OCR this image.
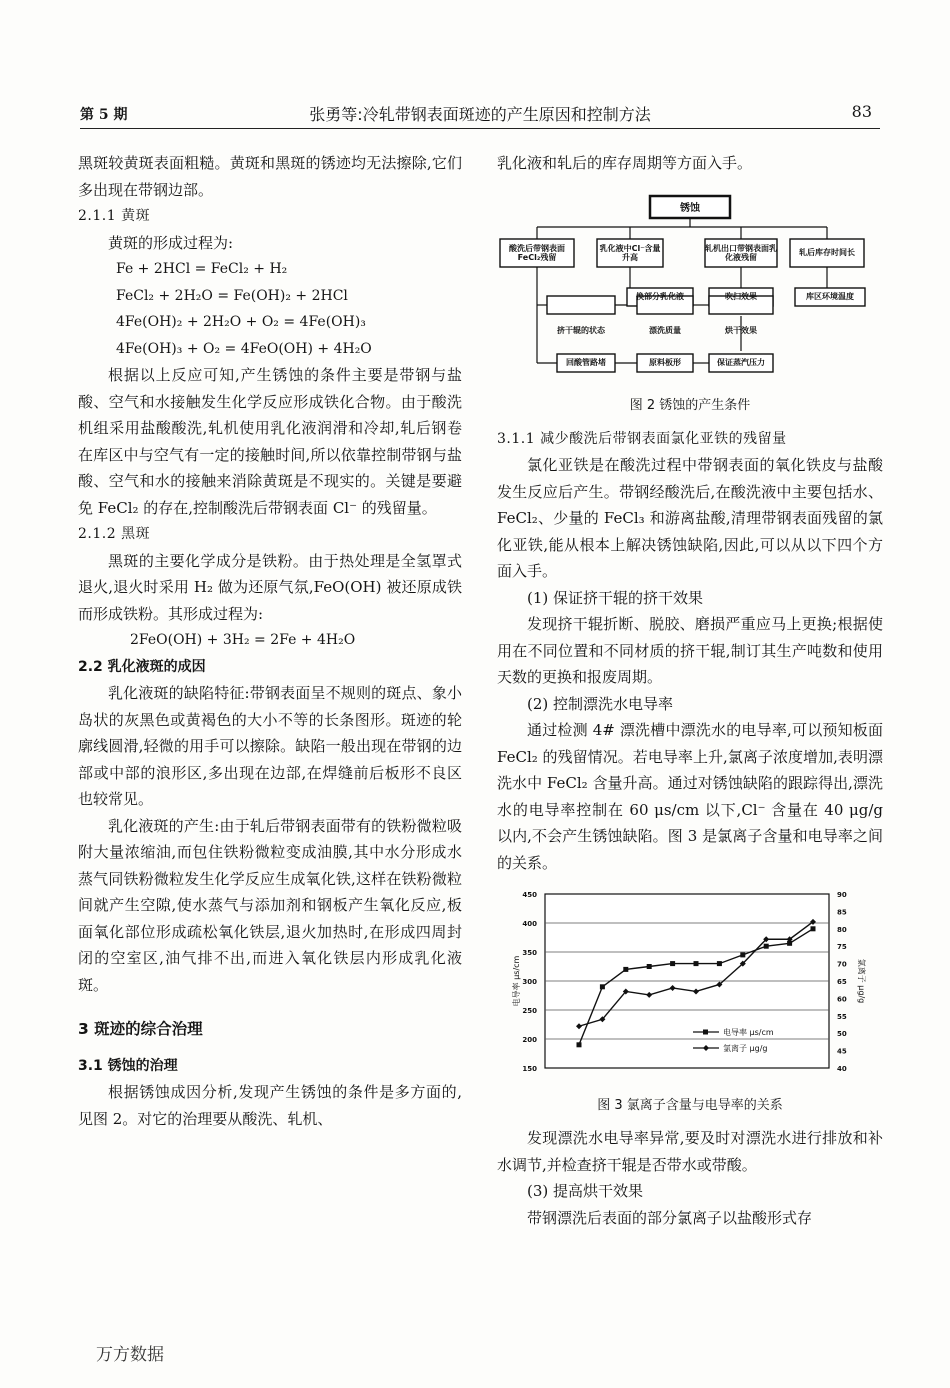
第 5 期	张勇等:冷轧带钢表面斑迹的产生原因和控制方法	83

黑斑较黄斑表面粗糙。黄斑和黑斑的锈迹均无法擦除,它们多出现在带钢边部。

2.1.1 黄斑

黄斑的形成过程为:

Fe + 2HCl = FeCl₂ + H₂

FeCl₂ + 2H₂O = Fe(OH)₂ + 2HCl

4Fe(OH)₂ + 2H₂O + O₂ = 4Fe(OH)₃

4Fe(OH)₃ + O₂ = 4FeO(OH) + 4H₂O

根据以上反应可知,产生锈蚀的条件主要是带钢与盐酸、空气和水接触发生化学反应形成铁化合物。由于酸洗机组采用盐酸酸洗,轧机使用乳化液润滑和冷却,轧后钢卷在库区中与空气有一定的接触时间,所以依靠控制带钢与盐酸、空气和水的接触来消除黄斑是不现实的。关键是要避免 FeCl₂ 的存在,控制酸洗后带钢表面 Cl⁻ 的残留量。

2.1.2 黑斑

黑斑的主要化学成分是铁粉。由于热处理是全氢罩式退火,退火时采用 H₂ 做为还原气氛,FeO(OH) 被还原成铁而形成铁粉。其形成过程为:

2FeO(OH) + 3H₂ = 2Fe + 4H₂O

2.2 乳化液斑的成因

乳化液斑的缺陷特征:带钢表面呈不规则的斑点、象小岛状的灰黑色或黄褐色的大小不等的长条图形。斑迹的轮廓线圆滑,轻微的用手可以擦除。缺陷一般出现在带钢的边部或中部的浪形区,多出现在边部,在焊缝前后板形不良区也较常见。

乳化液斑的产生:由于轧后带钢表面带有的铁粉微粒吸附大量浓缩油,而包住铁粉微粒变成油膜,其中水分形成水蒸气同铁粉微粒发生化学反应生成氧化铁,这样在铁粉微粒间就产生空隙,使水蒸气与添加剂和钢板产生氧化反应,板面氧化部位形成疏松氧化铁层,退火加热时,在形成四周封闭的空室区,油气排不出,而进入氧化铁层内形成乳化液斑。

3 斑迹的综合治理

3.1 锈蚀的治理

根据锈蚀成因分析,发现产生锈蚀的条件是多方面的,见图 2。对它的治理要从酸洗、轧机、

乳化液和轧后的库存周期等方面入手。

锈蚀
酸洗后带钢表面FeCl₂残留
乳化液中Cl⁻含量升高
轧机出口带钢表面乳化液残留	轧后库存时间长
换部分乳化液	吹扫效果	库区环境温度
挤干辊的状态	漂洗质量	烘干效果
回酸管路堵	原料板形	保证蒸汽压力

图 2 锈蚀的产生条件

3.1.1 减少酸洗后带钢表面氯化亚铁的残留量

氯化亚铁是在酸洗过程中带钢表面的氧化铁皮与盐酸发生反应后产生。带钢经酸洗后,在酸洗液中主要包括水、FeCl₂、少量的 FeCl₃ 和游离盐酸,清理带钢表面残留的氯化亚铁,能从根本上解决锈蚀缺陷,因此,可以从以下四个方面入手。

(1) 保证挤干辊的挤干效果

发现挤干辊折断、脱胶、磨损严重应马上更换;根据使用在不同位置和不同材质的挤干辊,制订其生产吨数和使用天数的更换和报废周期。

(2) 控制漂洗水电导率

通过检测 4# 漂洗槽中漂洗水的电导率,可以预知板面 FeCl₂ 的残留情况。若电导率上升,氯离子浓度增加,表明漂洗水中 FeCl₂ 含量升高。通过对锈蚀缺陷的跟踪得出,漂洗水的电导率控制在 60 μs/cm 以下,Cl⁻ 含量在 40 μg/g 以内,不会产生锈蚀缺陷。图 3 是氯离子含量和电导率之间的关系。

450
400
350
300
250
200
150
90
85
80
75
70
65
60
55
50
45
40
电导率 μs/cm	氯离子 μg/g
电导率 μs/cm
氯离子 μg/g

图 3 氯离子含量与电导率的关系

发现漂洗水电导率异常,要及时对漂洗水进行排放和补水调节,并检查挤干辊是否带水或带酸。

(3) 提高烘干效果

带钢漂洗后表面的部分氯离子以盐酸形式存

万方数据
